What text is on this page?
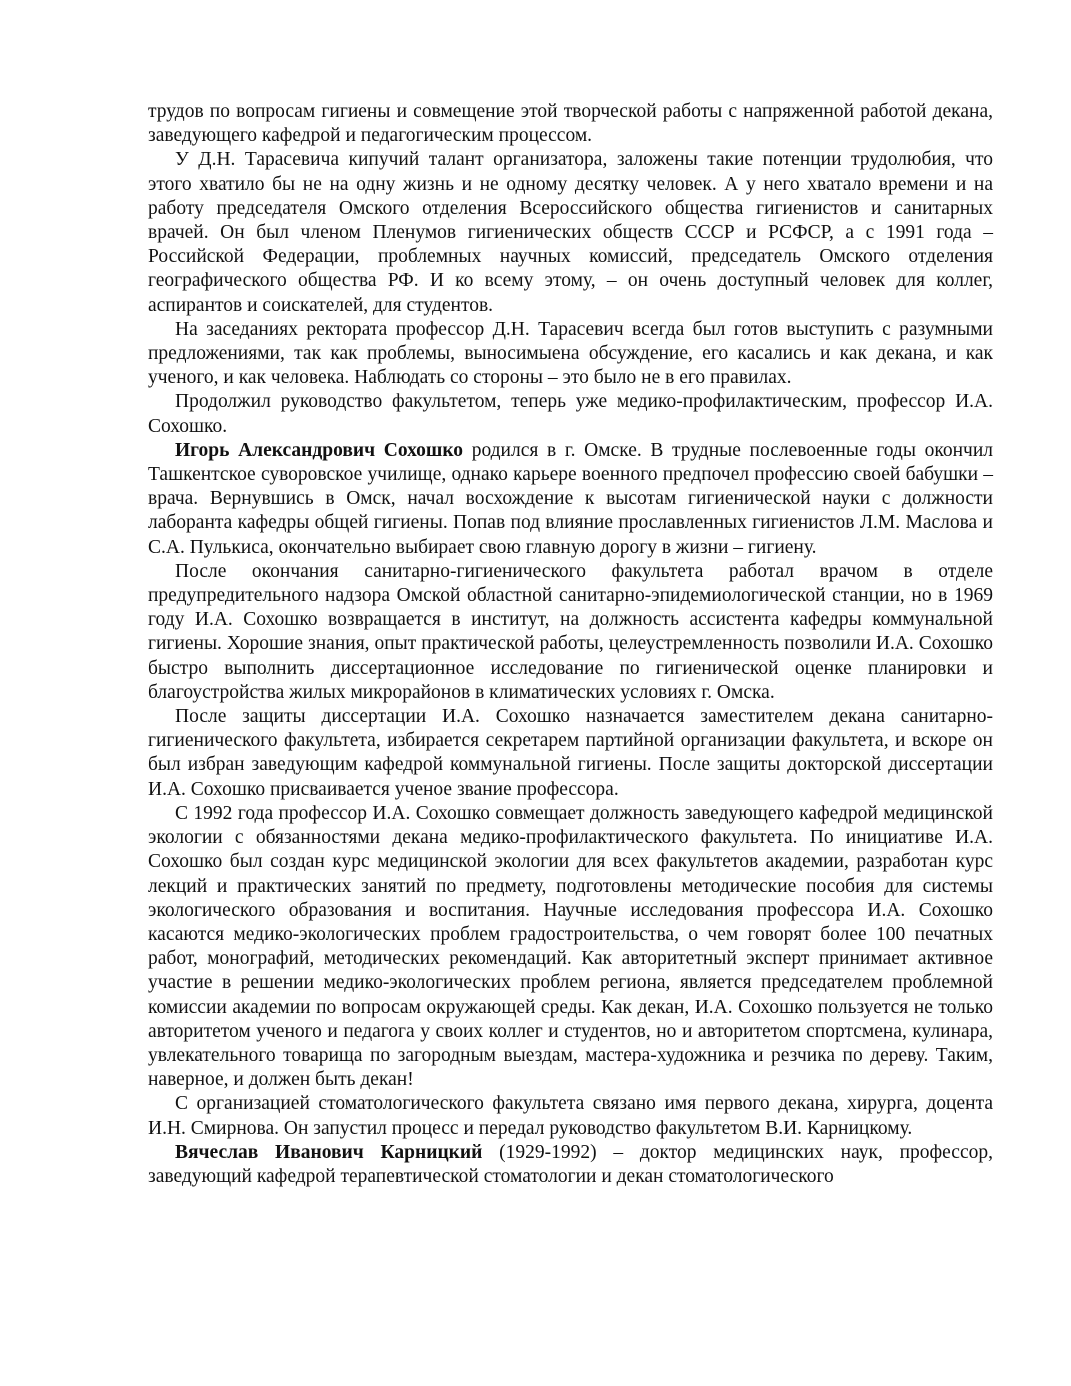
трудов по вопросам гигиены и совмещение этой творческой работы с напряженной работой декана, заведующего кафедрой и педагогическим процессом.

У Д.Н. Тарасевича кипучий талант организатора, заложены такие потенции трудолюбия, что этого хватило бы не на одну жизнь и не одному десятку человек. А у него хватало времени и на работу председателя Омского отделения Всероссийского общества гигиенистов и санитарных врачей. Он был членом Пленумов гигиенических обществ СССР и РСФСР, а с 1991 года – Российской Федерации, проблемных научных комиссий, председатель Омского отделения географического общества РФ. И ко всему этому, – он очень доступный человек для коллег, аспирантов и соискателей, для студентов.

На заседаниях ректората профессор Д.Н. Тарасевич всегда был готов выступить с разумными предложениями, так как проблемы, выносимыена обсуждение, его касались и как декана, и как ученого, и как человека. Наблюдать со стороны – это было не в его правилах.

Продолжил руководство факультетом, теперь уже медико-профилактическим, профессор И.А. Сохошко.

Игорь Александрович Сохошко родился в г. Омске. В трудные послевоенные годы окончил Ташкентское суворовское училище, однако карьере военного предпочел профессию своей бабушки – врача. Вернувшись в Омск, начал восхождение к высотам гигиенической науки с должности лаборанта кафедры общей гигиены. Попав под влияние прославленных гигиенистов Л.М. Маслова и С.А. Пулькиса, окончательно выбирает свою главную дорогу в жизни – гигиену.

После окончания санитарно-гигиенического факультета работал врачом в отделе предупредительного надзора Омской областной санитарно-эпидемиологической станции, но в 1969 году И.А. Сохошко возвращается в институт, на должность ассистента кафедры коммунальной гигиены. Хорошие знания, опыт практической работы, целеустремленность позволили И.А. Сохошко быстро выполнить диссертационное исследование по гигиенической оценке планировки и благоустройства жилых микрорайонов в климатических условиях г. Омска.

После защиты диссертации И.А. Сохошко назначается заместителем декана санитарно-гигиенического факультета, избирается секретарем партийной организации факультета, и вскоре он был избран заведующим кафедрой коммунальной гигиены. После защиты докторской диссертации И.А. Сохошко присваивается ученое звание профессора.

С 1992 года профессор И.А. Сохошко совмещает должность заведующего кафедрой медицинской экологии с обязанностями декана медико-профилактического факультета. По инициативе И.А. Сохошко был создан курс медицинской экологии для всех факультетов академии, разработан курс лекций и практических занятий по предмету, подготовлены методические пособия для системы экологического образования и воспитания. Научные исследования профессора И.А. Сохошко касаются медико-экологических проблем градостроительства, о чем говорят более 100 печатных работ, монографий, методических рекомендаций. Как авторитетный эксперт принимает активное участие в решении медико-экологических проблем региона, является председателем проблемной комиссии академии по вопросам окружающей среды. Как декан, И.А. Сохошко пользуется не только авторитетом ученого и педагога у своих коллег и студентов, но и авторитетом спортсмена, кулинара, увлекательного товарища по загородным выездам, мастера-художника и резчика по дереву. Таким, наверное, и должен быть декан!

С организацией стоматологического факультета связано имя первого декана, хирурга, доцента И.Н. Смирнова. Он запустил процесс и передал руководство факультетом В.И. Карницкому.

Вячеслав Иванович Карницкий (1929-1992) – доктор медицинских наук, профессор, заведующий кафедрой терапевтической стоматологии и декан стоматологического
